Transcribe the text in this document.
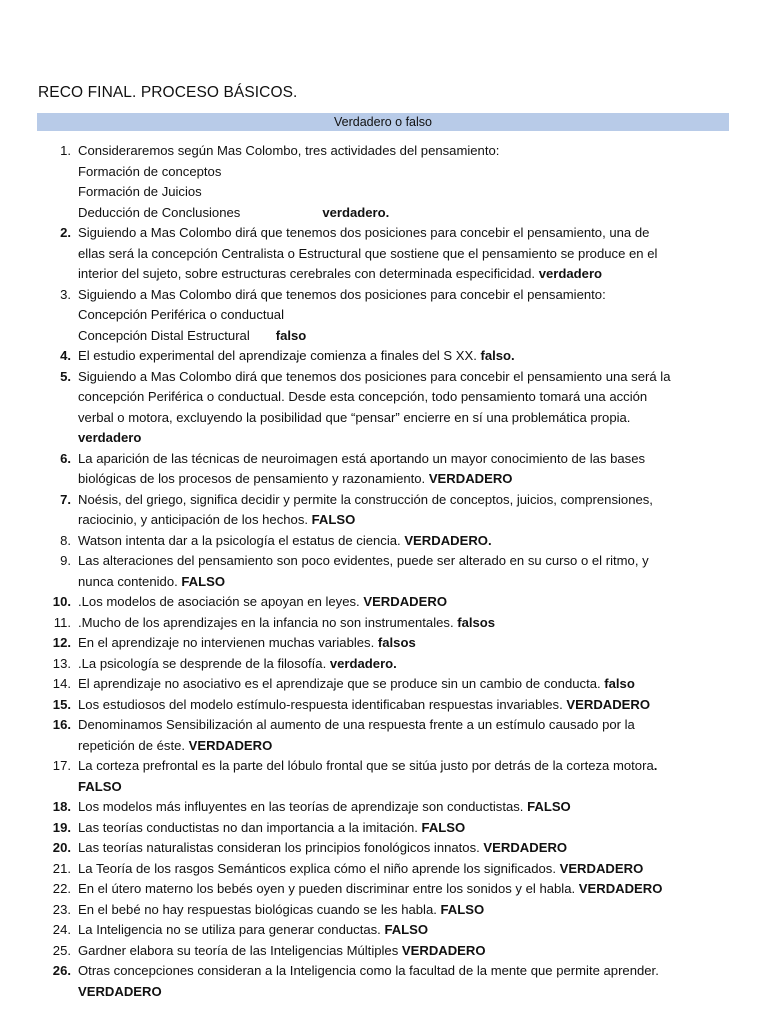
RECO FINAL. PROCESO BÁSICOS.
Verdadero o falso
1. Consideraremos según Mas Colombo, tres actividades del pensamiento:
Formación de conceptos
Formación de Juicios
Deducción de Conclusiones	verdadero.
2. Siguiendo a Mas Colombo dirá que tenemos dos posiciones para concebir el pensamiento, una de
ellas será la concepción Centralista o Estructural que sostiene que el pensamiento se produce en el
interior del sujeto, sobre estructuras cerebrales con determinada especificidad. verdadero
3. Siguiendo a Mas Colombo dirá que tenemos dos posiciones para concebir el pensamiento:
Concepción Periférica o conductual
Concepción Distal Estructural falso
4. El estudio experimental del aprendizaje comienza a finales del S XX. falso.
5. Siguiendo a Mas Colombo dirá que tenemos dos posiciones para concebir el pensamiento una será la
concepción Periférica o conductual. Desde esta concepción, todo pensamiento tomará una acción
verbal o motora, excluyendo la posibilidad que “pensar” encierre en sí una problemática propia.
verdadero
6. La aparición de las técnicas de neuroimagen está aportando un mayor conocimiento de las bases
biológicas de los procesos de pensamiento y razonamiento. VERDADERO
7. Noésis, del griego, significa decidir y permite la construcción de conceptos, juicios, comprensiones,
raciocinio, y anticipación de los hechos. FALSO
8. Watson intenta dar a la psicología el estatus de ciencia. VERDADERO.
9. Las alteraciones del pensamiento son poco evidentes, puede ser alterado en su curso o el ritmo, y
nunca contenido. FALSO
10. .Los modelos de asociación se apoyan en leyes. VERDADERO
11. .Mucho de los aprendizajes en la infancia no son instrumentales. falsos
12. En el aprendizaje no intervienen muchas variables. falsos
13. .La psicología se desprende de la filosofía. verdadero.
14. El aprendizaje no asociativo es el aprendizaje que se produce sin un cambio de conducta. falso
15. Los estudiosos del modelo estímulo-respuesta identificaban respuestas invariables. VERDADERO
16. Denominamos Sensibilización al aumento de una respuesta frente a un estímulo causado por la
repetición de éste. VERDADERO
17. La corteza prefrontal es la parte del lóbulo frontal que se sitúa justo por detrás de la corteza motora.
FALSO
18. Los modelos más influyentes en las teorías de aprendizaje son conductistas. FALSO
19. Las teorías conductistas no dan importancia a la imitación. FALSO
20. Las teorías naturalistas consideran los principios fonológicos innatos. VERDADERO
21. La Teoría de los rasgos Semánticos explica cómo el niño aprende los significados. VERDADERO
22. En el útero materno los bebés oyen y pueden discriminar entre los sonidos y el habla. VERDADERO
23. En el bebé no hay respuestas biológicas cuando se les habla. FALSO
24. La Inteligencia no se utiliza para generar conductas. FALSO
25. Gardner elabora su teoría de las Inteligencias Múltiples VERDADERO
26. Otras concepciones consideran a la Inteligencia como la facultad de la mente que permite aprender.
VERDADERO
